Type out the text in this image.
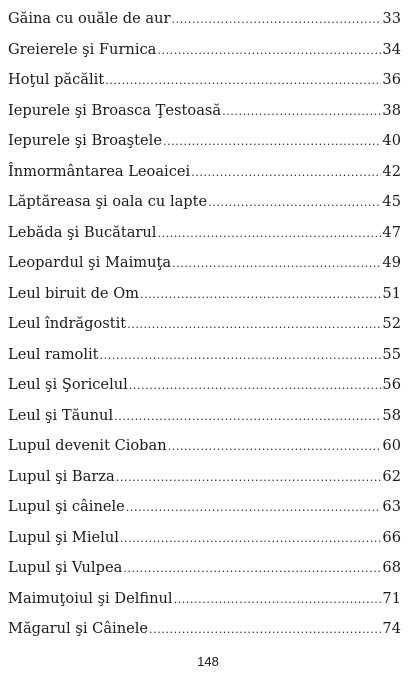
Găina cu ouăle de aur .....	33
Greierele şi Furnica .....	34
Hoţul păcălit .....	36
Iepurele şi Broasca Ţestoasă .....	38
Iepurele şi Broaştele .....	40
Înmormântarea Leoaicei .....	42
Lăptăreasa şi oala cu lapte .....	45
Lebăda şi Bucătarul .....	47
Leopardul şi Maimuţa .....	49
Leul biruit de Om .....	51
Leul îndrăgostit .....	52
Leul ramolit .....	55
Leul şi Şoricelul .....	56
Leul şi Tăunul .....	58
Lupul devenit Cioban .....	60
Lupul şi Barza .....	62
Lupul şi câinele .....	63
Lupul şi Mielul .....	66
Lupul şi Vulpea .....	68
Maimuţoiul şi Delfinul .....	71
Măgarul şi Câinele .....	74
148
